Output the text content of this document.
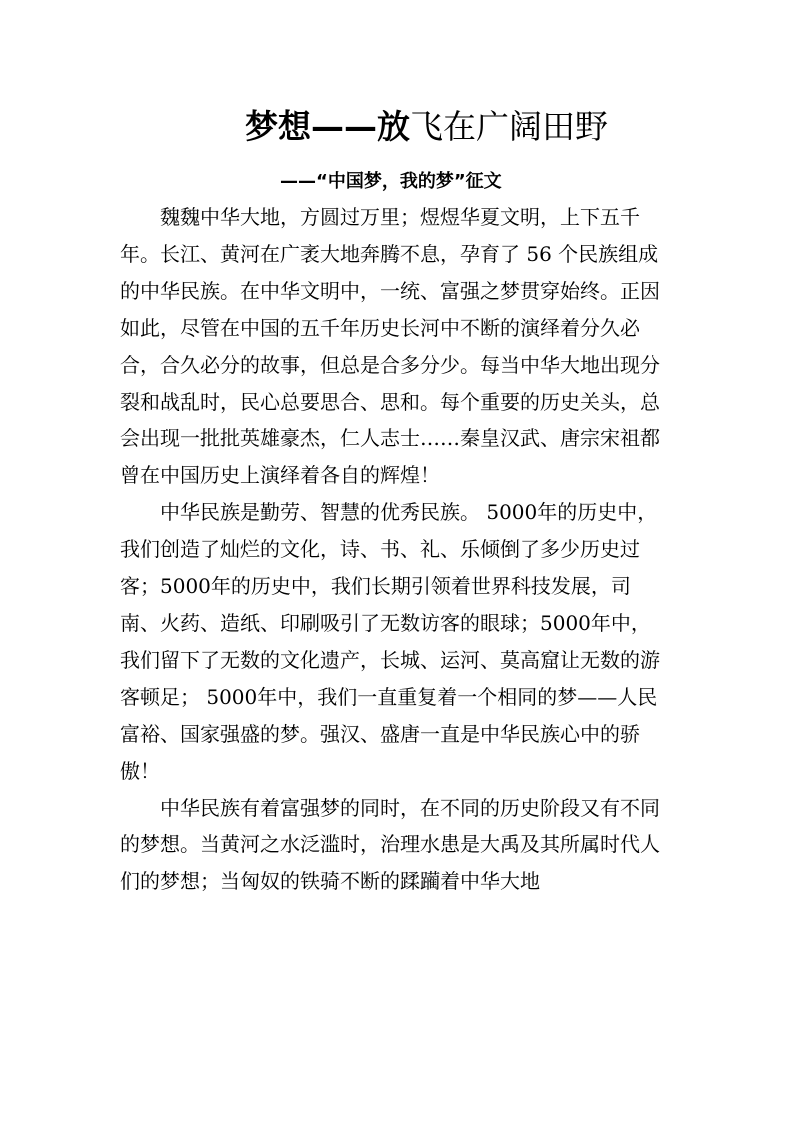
梦想——放飞在广阔田野
——“中国梦，我的梦”征文

魏魏中华大地，方圆过万里；煜煜华夏文明，上下五千年。长江、黄河在广袤大地奔腾不息，孕育了 56 个民族组成的中华民族。在中华文明中，一统、富强之梦贯穿始终。正因如此，尽管在中国的五千年历史长河中不断的演绎着分久必合，合久必分的故事，但总是合多分少。每当中华大地出现分裂和战乱时，民心总要思合、思和。每个重要的历史关头，总会出现一批批英雄豪杰，仁人志士……秦皇汉武、唐宗宋祖都曾在中国历史上演绎着各自的辉煌！

中华民族是勤劳、智慧的优秀民族。 5000年的历史中，我们创造了灿烂的文化，诗、书、礼、乐倾倒了多少历史过客；5000年的历史中，我们长期引领着世界科技发展，司南、火药、造纸、印刷吸引了无数访客的眼球；5000年中，我们留下了无数的文化遗产，长城、运河、莫高窟让无数的游客顿足； 5000年中，我们一直重复着一个相同的梦——人民富裕、国家强盛的梦。强汉、盛唐一直是中华民族心中的骄傲！

中华民族有着富强梦的同时，在不同的历史阶段又有不同的梦想。当黄河之水泛滥时，治理水患是大禹及其所属时代人们的梦想；当匈奴的铁骑不断的蹂躏着中华大地
